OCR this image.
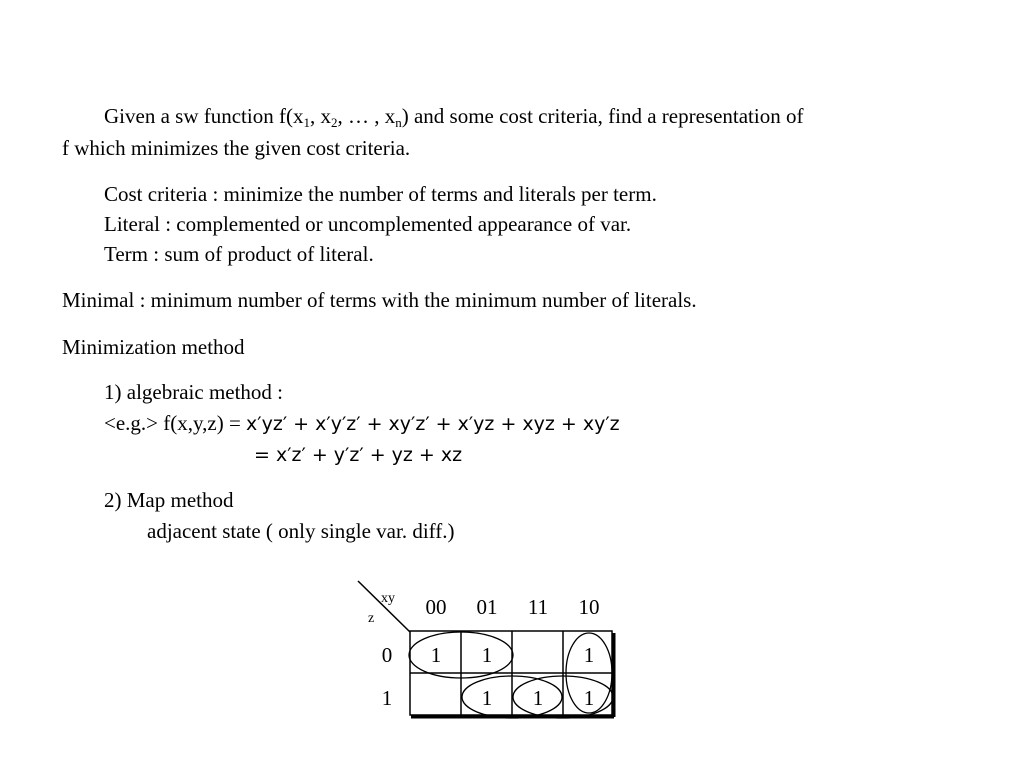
Given a sw function $f(x_1$, $x_2$, … , $x_n$) and some cost criteria, find a representation of
f which minimizes the given cost criteria.
Cost criteria : minimize the number of terms and literals per term.
Literal : complemented or uncomplemented appearance of var.
Term : sum of product of literal.
Minimal : minimum number of terms with the minimum number of literals.
Minimization method
1) algebraic method :
<e.g.> f(x,y,z) = x′yz′ + x′y′z′ + xy′z′ + x′yz + xyz + xy′z
= x′z′ + y′z′ + yz + xz
2) Map method
adjacent state ( only single var. diff.)
xy
z 00 01 11 10
0
1
1 1	1
1 1 1
